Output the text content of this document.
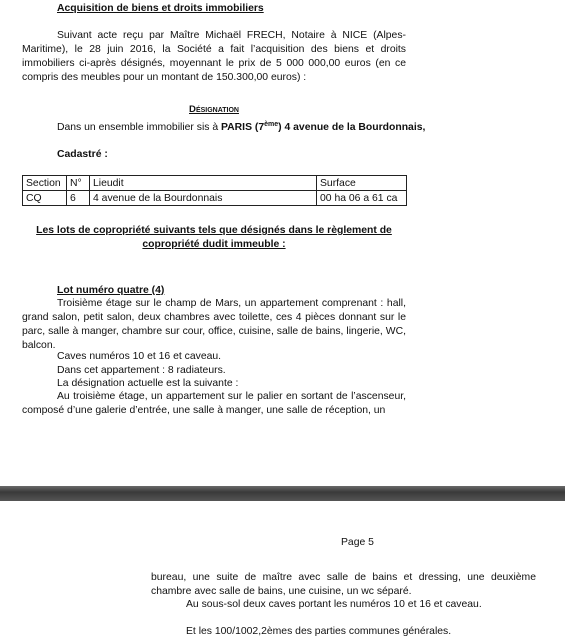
Acquisition de biens et droits immobiliers

Suivant acte reçu par Maître Michaël FRECH, Notaire à NICE (Alpes-Maritime), le 28 juin 2016, la Société a fait l’acquisition des biens et droits immobiliers ci-après désignés, moyennant le prix de 5 000 000,00 euros (en ce compris des meubles pour un montant de 150.300,00 euros) :

Désignation

Dans un ensemble immobilier sis à PARIS (7ème) 4 avenue de la Bourdonnais,

Cadastré :

Section	N°	Lieudit	Surface
CQ	6	4 avenue de la Bourdonnais	00 ha 06 a 61 ca

Les lots de copropriété suivants tels que désignés dans le règlement de copropriété dudit immeuble :

Lot numéro quatre (4)

Troisième étage sur le champ de Mars, un appartement comprenant : hall, grand salon, petit salon, deux chambres avec toilette, ces 4 pièces donnant sur le parc, salle à manger, chambre sur cour, office, cuisine, salle de bains, lingerie, WC, balcon.

Caves numéros 10 et 16 et caveau.

Dans cet appartement : 8 radiateurs.

La désignation actuelle est la suivante :

Au troisième étage, un appartement sur le palier en sortant de l’ascenseur, composé d’une galerie d’entrée, une salle à manger, une salle de réception, un

Page 5

bureau, une suite de maître avec salle de bains et dressing, une deuxième chambre avec salle de bains, une cuisine, un wc séparé.

Au sous-sol deux caves portant les numéros 10 et 16 et caveau.

Et les 100/1002,2èmes des parties communes générales.
